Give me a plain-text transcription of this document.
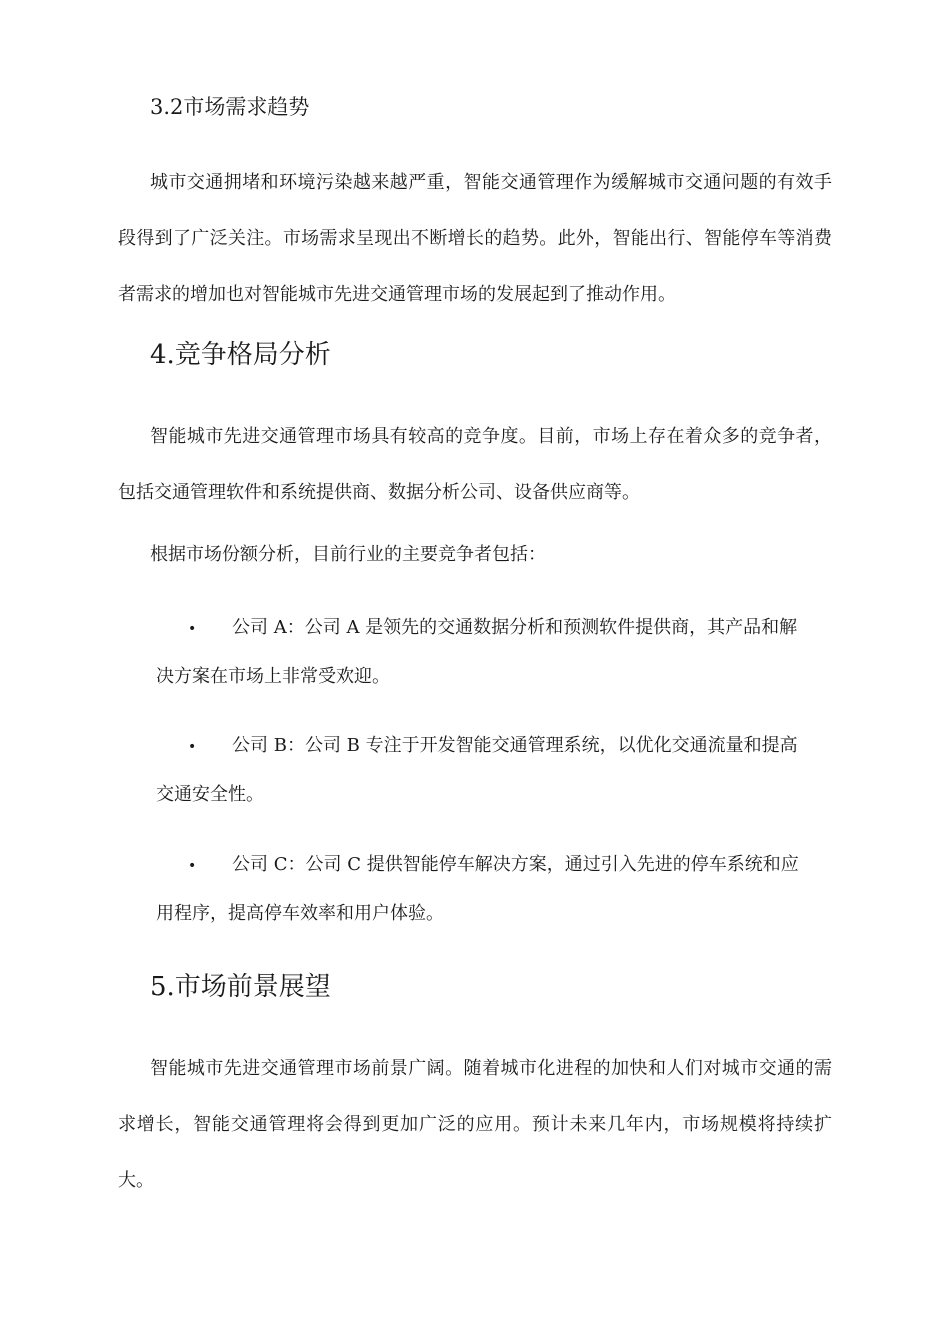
3.2市场需求趋势

城市交通拥堵和环境污染越来越严重，智能交通管理作为缓解城市交通问题的有效手段得到了广泛关注。市场需求呈现出不断增长的趋势。此外，智能出行、智能停车等消费者需求的增加也对智能城市先进交通管理市场的发展起到了推动作用。

4.竞争格局分析

智能城市先进交通管理市场具有较高的竞争度。目前，市场上存在着众多的竞争者，包括交通管理软件和系统提供商、数据分析公司、设备供应商等。

根据市场份额分析，目前行业的主要竞争者包括：

• 公司 A：公司 A 是领先的交通数据分析和预测软件提供商，其产品和解
决方案在市场上非常受欢迎。
• 公司 B：公司 B 专注于开发智能交通管理系统，以优化交通流量和提高
交通安全性。
• 公司 C：公司 C 提供智能停车解决方案，通过引入先进的停车系统和应
用程序，提高停车效率和用户体验。
5.市场前景展望

智能城市先进交通管理市场前景广阔。随着城市化进程的加快和人们对城市交通的需求增长，智能交通管理将会得到更加广泛的应用。预计未来几年内，市场规模将持续扩大。
